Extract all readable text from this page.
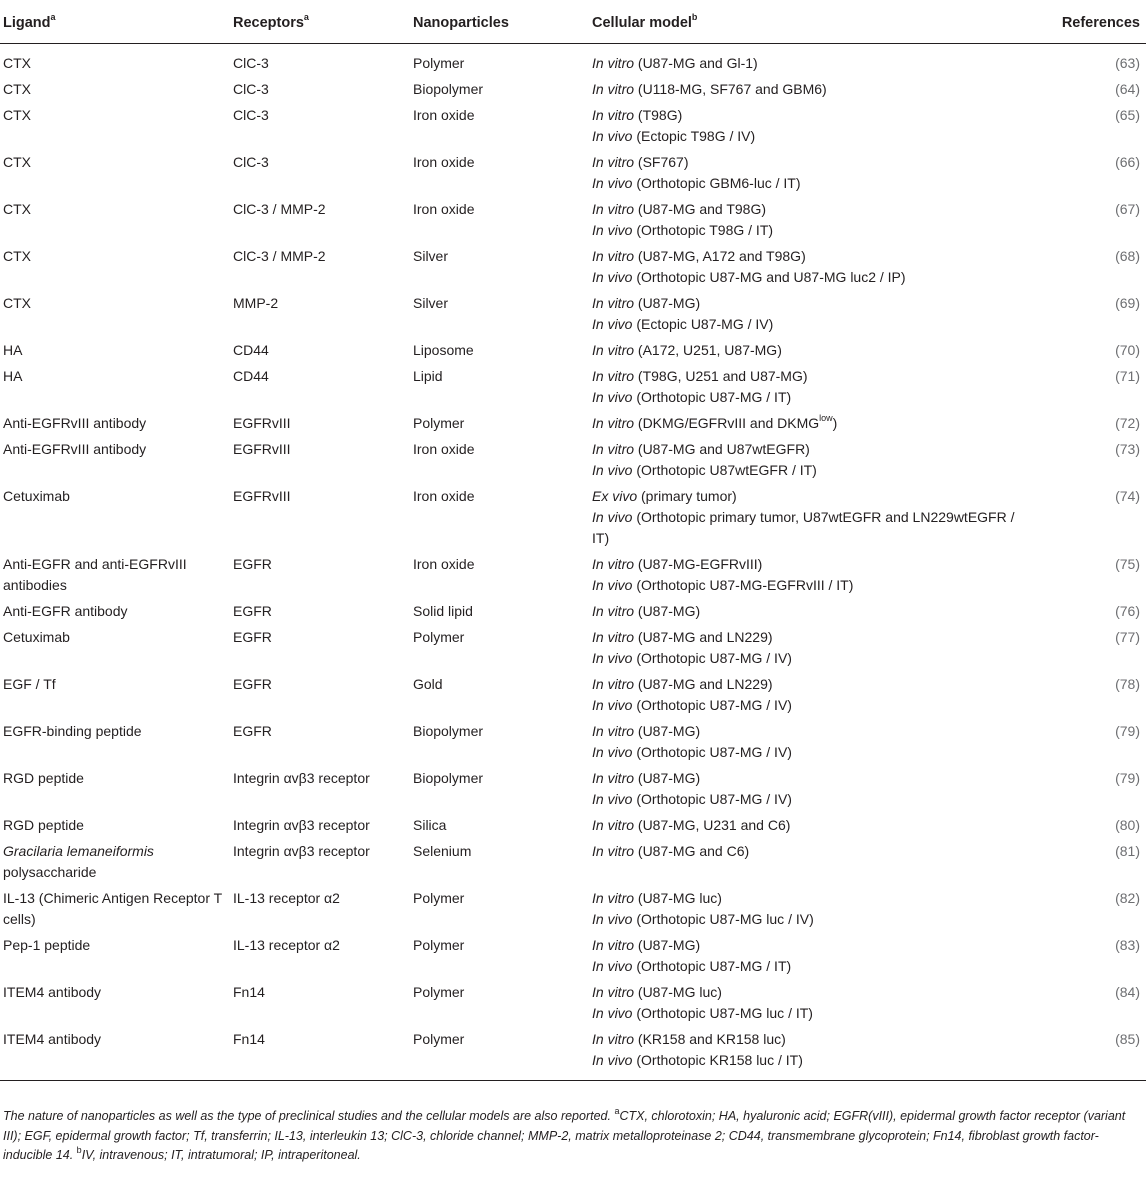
Ligand$^a$	Receptors$^a$	Nanoparticles	Cellular model$^b$	References
CTX	ClC-3	Polymer	In vitro (U87-MG and Gl-1)	(63)
CTX	ClC-3	Biopolymer	In vitro (U118-MG, SF767 and GBM6)	(64)
CTX	ClC-3	Iron oxide	In vitro (T98G)
In vivo (Ectopic T98G / IV)	(65)
CTX	ClC-3	Iron oxide	In vitro (SF767)
In vivo (Orthotopic GBM6-luc / IT)	(66)
CTX	ClC-3 / MMP-2	Iron oxide	In vitro (U87-MG and T98G)
In vivo (Orthotopic T98G / IT)	(67)
CTX	ClC-3 / MMP-2	Silver	In vitro (U87-MG, A172 and T98G)
In vivo (Orthotopic U87-MG and U87-MG luc2 / IP)	(68)
CTX	MMP-2	Silver	In vitro (U87-MG)
In vivo (Ectopic U87-MG / IV)	(69)
HA	CD44	Liposome	In vitro (A172, U251, U87-MG)	(70)
HA	CD44	Lipid	In vitro (T98G, U251 and U87-MG)
In vivo (Orthotopic U87-MG / IT)	(71)
Anti-EGFRvIII antibody	EGFRvIII	Polymer	In vitro (DKMG/EGFRvIII and $DKMG^{low}$)	(72)
Anti-EGFRvIII antibody	EGFRvIII	Iron oxide	In vitro (U87-MG and U87wtEGFR)
In vivo (Orthotopic U87wtEGFR / IT)	(73)
Cetuximab	EGFRvIII	Iron oxide	Ex vivo (primary tumor)
In vivo (Orthotopic primary tumor, U87wtEGFR and LN229wtEGFR / IT)	(74)
Anti-EGFR and anti-EGFRvIII antibodies	EGFR	Iron oxide	In vitro (U87-MG-EGFRvIII)
In vivo (Orthotopic U87-MG-EGFRvIII / IT)	(75)
Anti-EGFR antibody	EGFR	Solid lipid	In vitro (U87-MG)	(76)
Cetuximab	EGFR	Polymer	In vitro (U87-MG and LN229)
In vivo (Orthotopic U87-MG / IV)	(77)
EGF / Tf	EGFR	Gold	In vitro (U87-MG and LN229)
In vivo (Orthotopic U87-MG / IV)	(78)
EGFR-binding peptide	EGFR	Biopolymer	In vitro (U87-MG)
In vivo (Orthotopic U87-MG / IV)	(79)
RGD peptide	Integrin αvβ3 receptor	Biopolymer	In vitro (U87-MG)
In vivo (Orthotopic U87-MG / IV)	(79)
RGD peptide	Integrin αvβ3 receptor	Silica	In vitro (U87-MG, U231 and C6)	(80)
Gracilaria lemaneiformis polysaccharide	Integrin αvβ3 receptor	Selenium	In vitro (U87-MG and C6)	(81)
IL-13 (Chimeric Antigen Receptor T cells)	IL-13 receptor α2	Polymer	In vitro (U87-MG luc)
In vivo (Orthotopic U87-MG luc / IV)	(82)
Pep-1 peptide	IL-13 receptor α2	Polymer	In vitro (U87-MG)
In vivo (Orthotopic U87-MG / IT)	(83)
ITEM4 antibody	Fn14	Polymer	In vitro (U87-MG luc)
In vivo (Orthotopic U87-MG luc / IT)	(84)
ITEM4 antibody	Fn14	Polymer	In vitro (KR158 and KR158 luc)
In vivo (Orthotopic KR158 luc / IT)	(85)
The nature of nanoparticles as well as the type of preclinical studies and the cellular models are also reported. $^a$CTX, chlorotoxin; HA, hyaluronic acid; EGFR(vIII), epidermal growth factor receptor (variant III); EGF, epidermal growth factor; Tf, transferrin; IL-13, interleukin 13; ClC-3, chloride channel; MMP-2, matrix metalloproteinase 2; CD44, transmembrane glycoprotein; Fn14, fibroblast growth factor-inducible 14. $^b$IV, intravenous; IT, intratumoral; IP, intraperitoneal.
